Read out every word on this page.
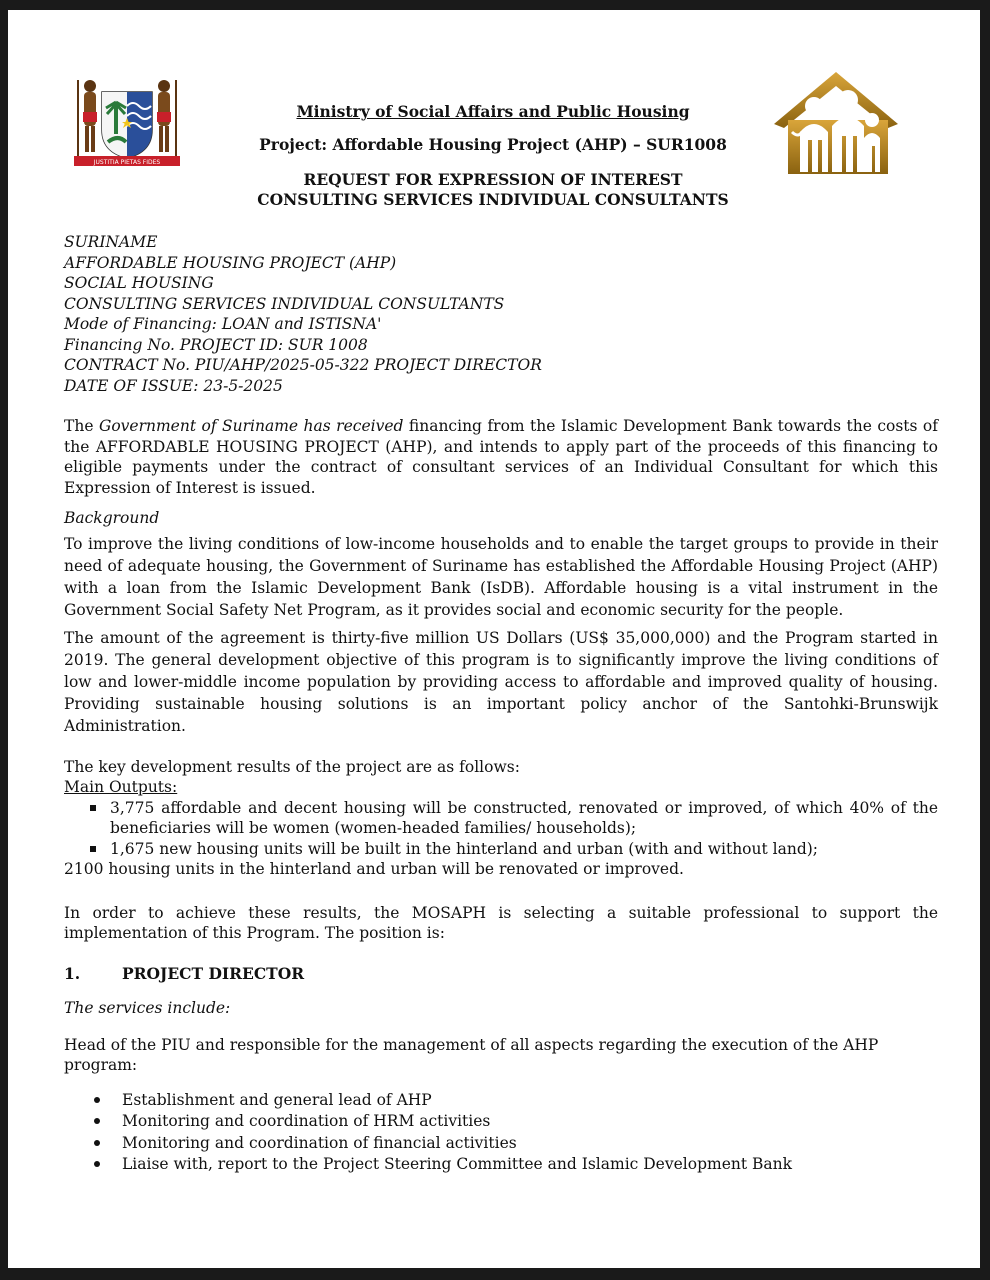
JUSTITIA PIETAS FIDES
Ministry of Social Affairs and Public Housing
Project: Affordable Housing Project (AHP) – SUR1008
REQUEST FOR EXPRESSION OF INTEREST
CONSULTING SERVICES INDIVIDUAL CONSULTANTS
SURINAME
AFFORDABLE HOUSING PROJECT (AHP)
SOCIAL HOUSING
CONSULTING SERVICES INDIVIDUAL CONSULTANTS
Mode of Financing: LOAN and ISTISNA'
Financing No. PROJECT ID: SUR 1008
CONTRACT No. PIU/AHP/2025-05-322 PROJECT DIRECTOR
DATE OF ISSUE: 23-5-2025

The Government of Suriname has received financing from the Islamic Development Bank towards the costs of the AFFORDABLE HOUSING PROJECT (AHP), and intends to apply part of the proceeds of this financing to eligible payments under the contract of consultant services of an Individual Consultant for which this Expression of Interest is issued.

Background

To improve the living conditions of low-income households and to enable the target groups to provide in their need of adequate housing, the Government of Suriname has established the Affordable Housing Project (AHP) with a loan from the Islamic Development Bank (IsDB). Affordable housing is a vital instrument in the Government Social Safety Net Program, as it provides social and economic security for the people.

The amount of the agreement is thirty-five million US Dollars (US$ 35,000,000) and the Program started in 2019. The general development objective of this program is to significantly improve the living conditions of low and lower-middle income population by providing access to affordable and improved quality of housing. Providing sustainable housing solutions is an important policy anchor of the Santohki-Brunswijk Administration.

The key development results of the project are as follows:

Main Outputs:

3,775 affordable and decent housing will be constructed, renovated or improved, of which 40% of the beneficiaries will be women (women-headed families/ households);
1,675 new housing units will be built in the hinterland and urban (with and without land);

2100 housing units in the hinterland and urban will be renovated or improved.

In order to achieve these results, the MOSAPH is selecting a suitable professional to support the implementation of this Program. The position is:

1.	PROJECT DIRECTOR

The services include:

Head of the PIU and responsible for the management of all aspects regarding the execution of the AHP program:

Establishment and general lead of AHP
Monitoring and coordination of HRM activities
Monitoring and coordination of financial activities
Liaise with, report to the Project Steering Committee and Islamic Development Bank
